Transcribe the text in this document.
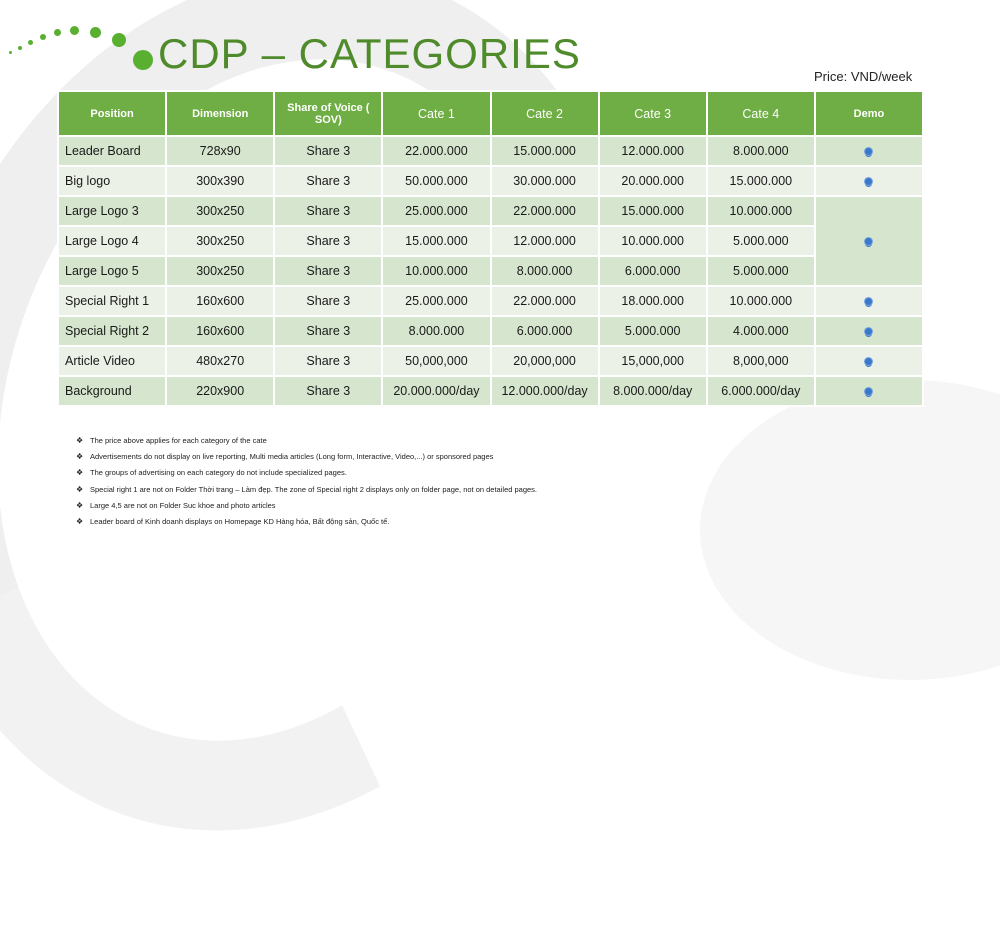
CDP – CATEGORIES	Price: VND/week
Position	Dimension	Share of Voice ( SOV)	Cate 1	Cate 2	Cate 3	Cate 4	Demo
Leader Board	728x90	Share 3	22.000.000	15.000.000	12.000.000	8.000.000	
Big logo	300x390	Share 3	50.000.000	30.000.000	20.000.000	15.000.000	
Large Logo 3	300x250	Share 3	25.000.000	22.000.000	15.000.000	10.000.000	
Large Logo 4	300x250	Share 3	15.000.000	12.000.000	10.000.000	5.000.000	
Large Logo 5	300x250	Share 3	10.000.000	8.000.000	6.000.000	5.000.000	
Special Right 1	160x600	Share 3	25.000.000	22.000.000	18.000.000	10.000.000	
Special Right 2	160x600	Share 3	8.000.000	6.000.000	5.000.000	4.000.000	
Article Video	480x270	Share 3	50,000,000	20,000,000	15,000,000	8,000,000	
Background	220x900	Share 3	20.000.000/day	12.000.000/day	8.000.000/day	6.000.000/day	
❖ The price above applies for each category of the cate
❖ Advertisements do not display on live reporting, Multi media articles (Long form, Interactive, Video,...) or sponsored pages
❖ The groups of advertising on each category do not include specialized pages.
❖ Special right 1 are not on Folder Thời trang – Làm đẹp. The zone of Special right 2 displays only on folder page, not on detailed pages.
❖ Large 4,5 are not on Folder Suc khoe and photo articles
❖ Leader board of Kinh doanh displays on Homepage KD Hàng hóa, Bất động sản, Quốc tế.
